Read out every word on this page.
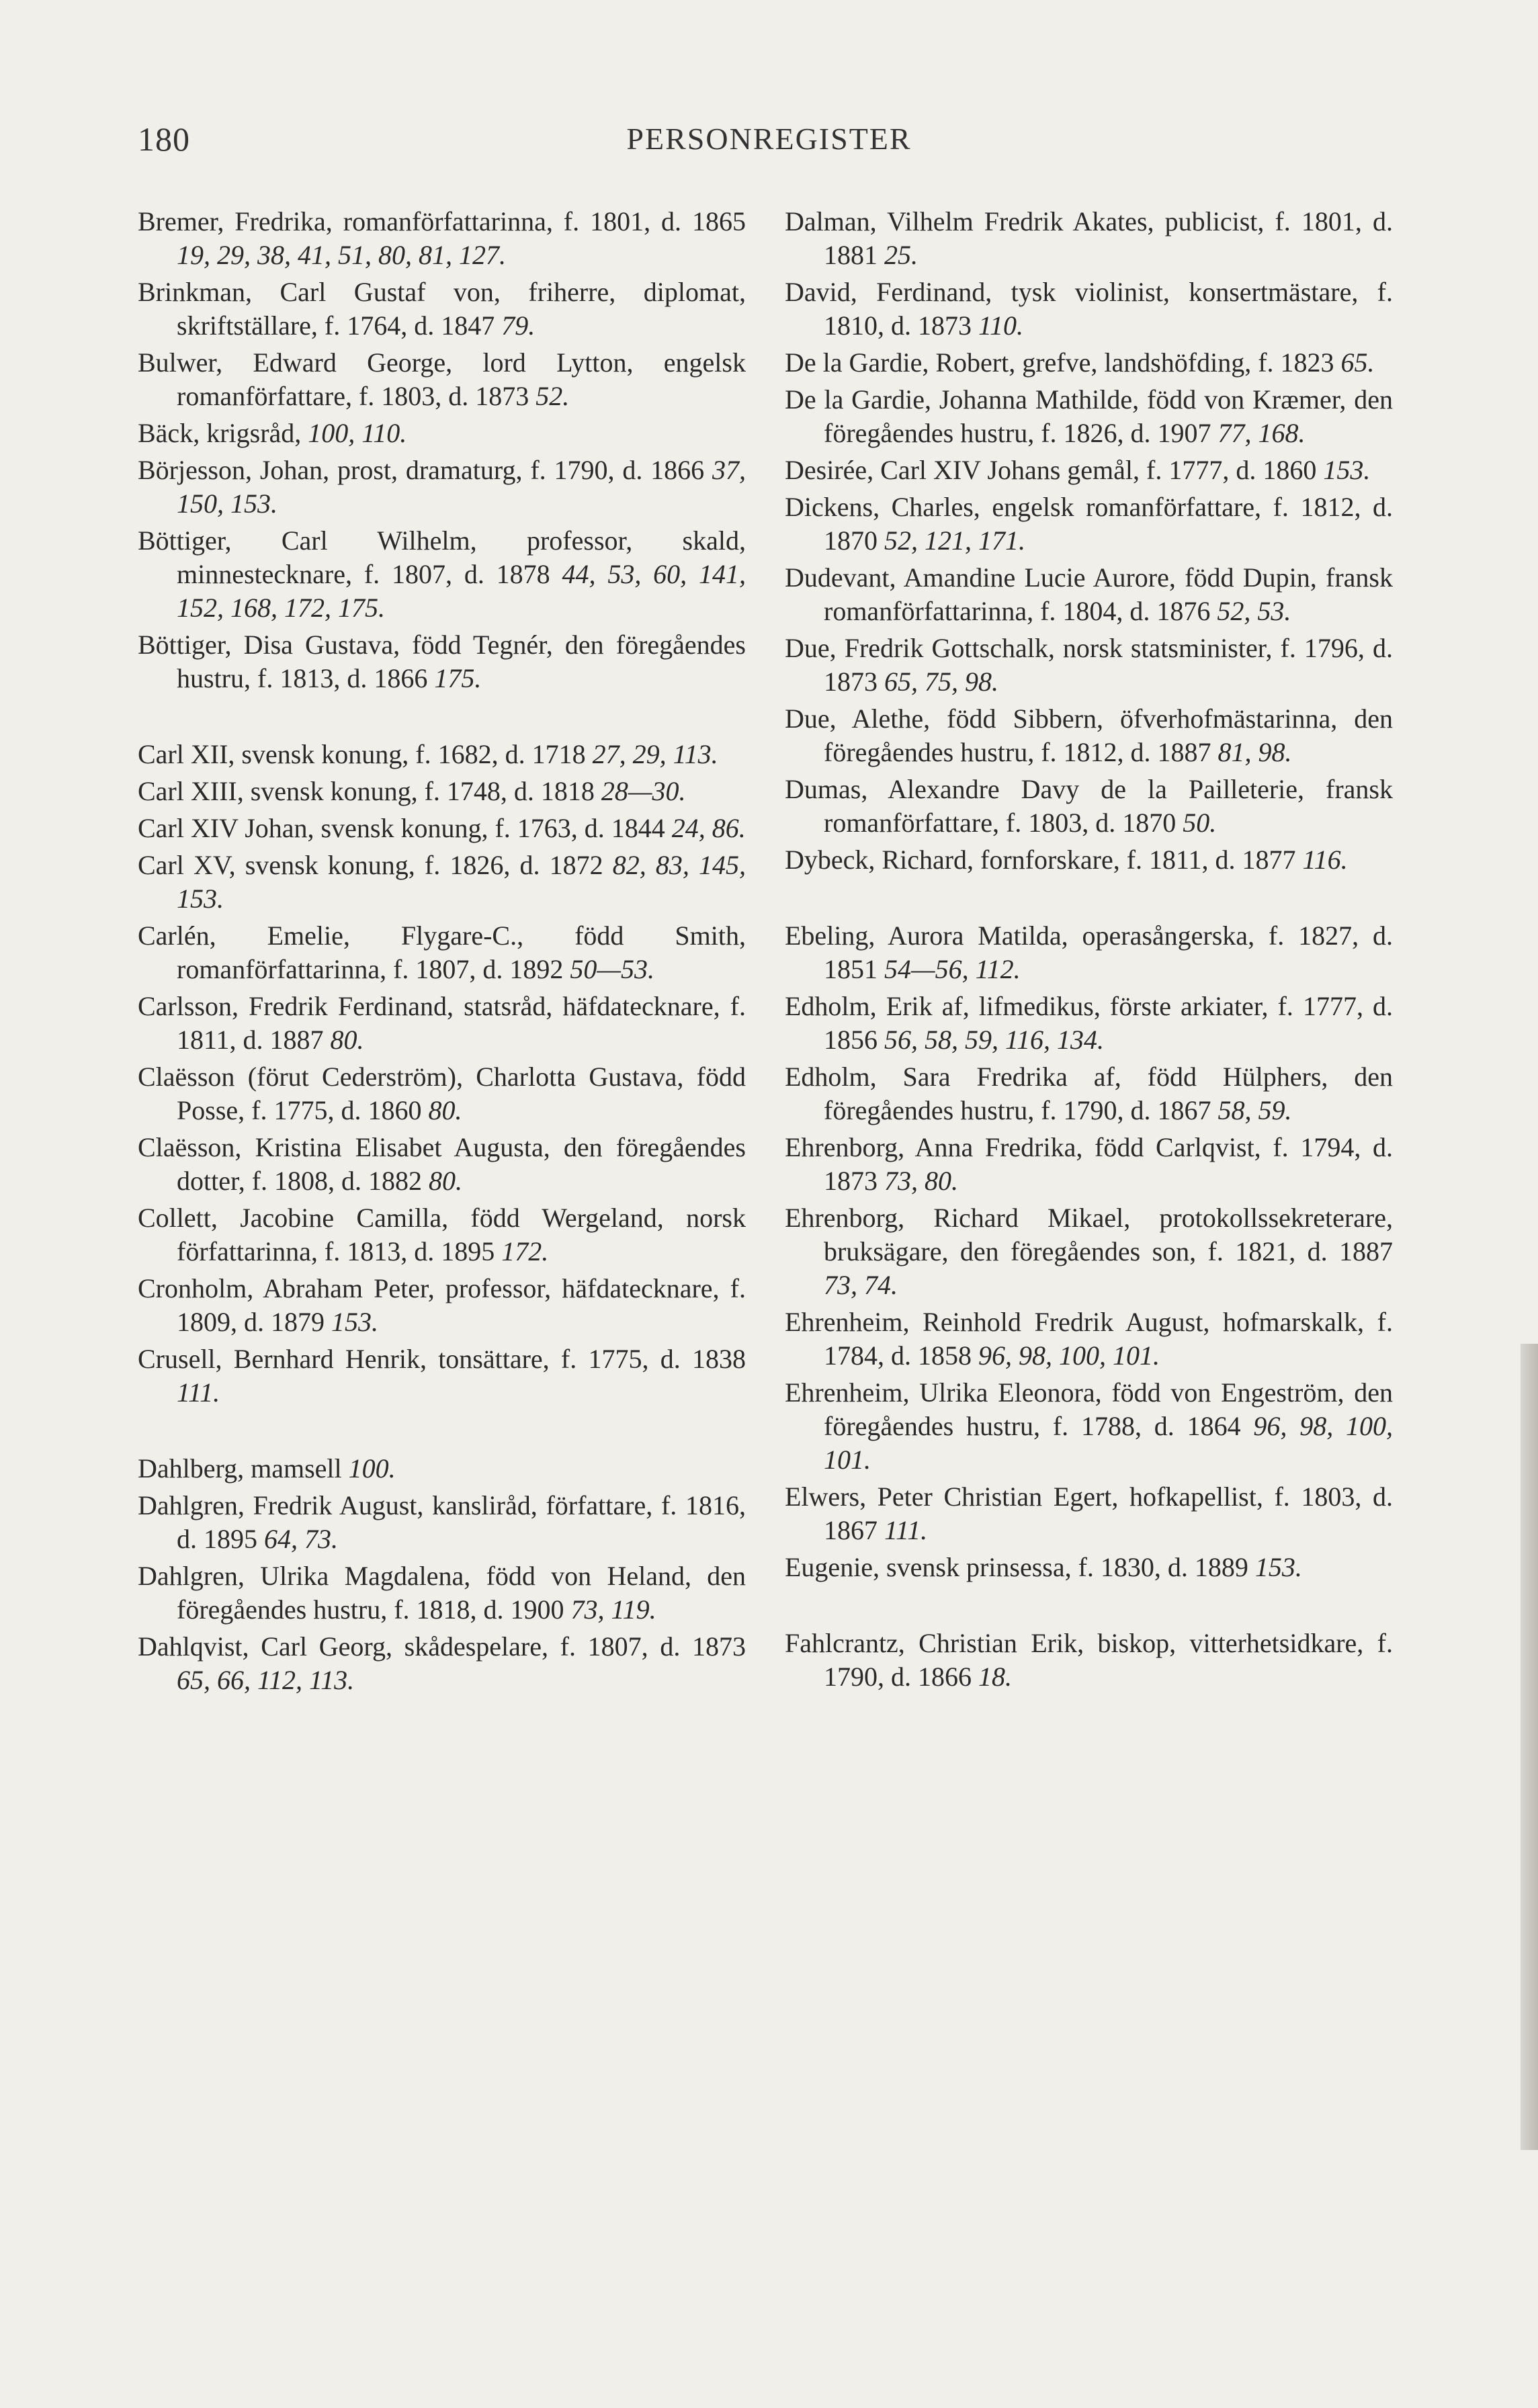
180	PERSONREGISTER

Bremer, Fredrika, romanförfattarinna, f. 1801, d. 1865 19, 29, 38, 41, 51, 80, 81, 127.

Brinkman, Carl Gustaf von, friherre, diplomat, skriftställare, f. 1764, d. 1847 79.

Bulwer, Edward George, lord Lytton, engelsk romanförfattare, f. 1803, d. 1873 52.

Bäck, krigsråd, 100, 110.

Börjesson, Johan, prost, dramaturg, f. 1790, d. 1866 37, 150, 153.

Böttiger, Carl Wilhelm, professor, skald, minnestecknare, f. 1807, d. 1878 44, 53, 60, 141, 152, 168, 172, 175.

Böttiger, Disa Gustava, född Tegnér, den föregåendes hustru, f. 1813, d. 1866 175.

Carl XII, svensk konung, f. 1682, d. 1718 27, 29, 113.

Carl XIII, svensk konung, f. 1748, d. 1818 28—30.

Carl XIV Johan, svensk konung, f. 1763, d. 1844 24, 86.

Carl XV, svensk konung, f. 1826, d. 1872 82, 83, 145, 153.

Carlén, Emelie, Flygare-C., född Smith, romanförfattarinna, f. 1807, d. 1892 50—53.

Carlsson, Fredrik Ferdinand, statsråd, häfdatecknare, f. 1811, d. 1887 80.

Claësson (förut Cederström), Charlotta Gustava, född Posse, f. 1775, d. 1860 80.

Claësson, Kristina Elisabet Augusta, den föregåendes dotter, f. 1808, d. 1882 80.

Collett, Jacobine Camilla, född Wergeland, norsk författarinna, f. 1813, d. 1895 172.

Cronholm, Abraham Peter, professor, häfdatecknare, f. 1809, d. 1879 153.

Crusell, Bernhard Henrik, tonsättare, f. 1775, d. 1838 111.

Dahlberg, mamsell 100.

Dahlgren, Fredrik August, kansliråd, författare, f. 1816, d. 1895 64, 73.

Dahlgren, Ulrika Magdalena, född von Heland, den föregåendes hustru, f. 1818, d. 1900 73, 119.

Dahlqvist, Carl Georg, skådespelare, f. 1807, d. 1873 65, 66, 112, 113.

Dalman, Vilhelm Fredrik Akates, publicist, f. 1801, d. 1881 25.

David, Ferdinand, tysk violinist, konsertmästare, f. 1810, d. 1873 110.

De la Gardie, Robert, grefve, landshöfding, f. 1823 65.

De la Gardie, Johanna Mathilde, född von Kræmer, den föregåendes hustru, f. 1826, d. 1907 77, 168.

Desirée, Carl XIV Johans gemål, f. 1777, d. 1860 153.

Dickens, Charles, engelsk romanförfattare, f. 1812, d. 1870 52, 121, 171.

Dudevant, Amandine Lucie Aurore, född Dupin, fransk romanförfattarinna, f. 1804, d. 1876 52, 53.

Due, Fredrik Gottschalk, norsk statsminister, f. 1796, d. 1873 65, 75, 98.

Due, Alethe, född Sibbern, öfverhofmästarinna, den föregåendes hustru, f. 1812, d. 1887 81, 98.

Dumas, Alexandre Davy de la Pailleterie, fransk romanförfattare, f. 1803, d. 1870 50.

Dybeck, Richard, fornforskare, f. 1811, d. 1877 116.

Ebeling, Aurora Matilda, operasångerska, f. 1827, d. 1851 54—56, 112.

Edholm, Erik af, lifmedikus, förste arkiater, f. 1777, d. 1856 56, 58, 59, 116, 134.

Edholm, Sara Fredrika af, född Hülphers, den föregåendes hustru, f. 1790, d. 1867 58, 59.

Ehrenborg, Anna Fredrika, född Carlqvist, f. 1794, d. 1873 73, 80.

Ehrenborg, Richard Mikael, protokollssekreterare, bruksägare, den föregåendes son, f. 1821, d. 1887 73, 74.

Ehrenheim, Reinhold Fredrik August, hofmarskalk, f. 1784, d. 1858 96, 98, 100, 101.

Ehrenheim, Ulrika Eleonora, född von Engeström, den föregåendes hustru, f. 1788, d. 1864 96, 98, 100, 101.

Elwers, Peter Christian Egert, hofkapellist, f. 1803, d. 1867 111.

Eugenie, svensk prinsessa, f. 1830, d. 1889 153.

Fahlcrantz, Christian Erik, biskop, vitterhetsidkare, f. 1790, d. 1866 18.
